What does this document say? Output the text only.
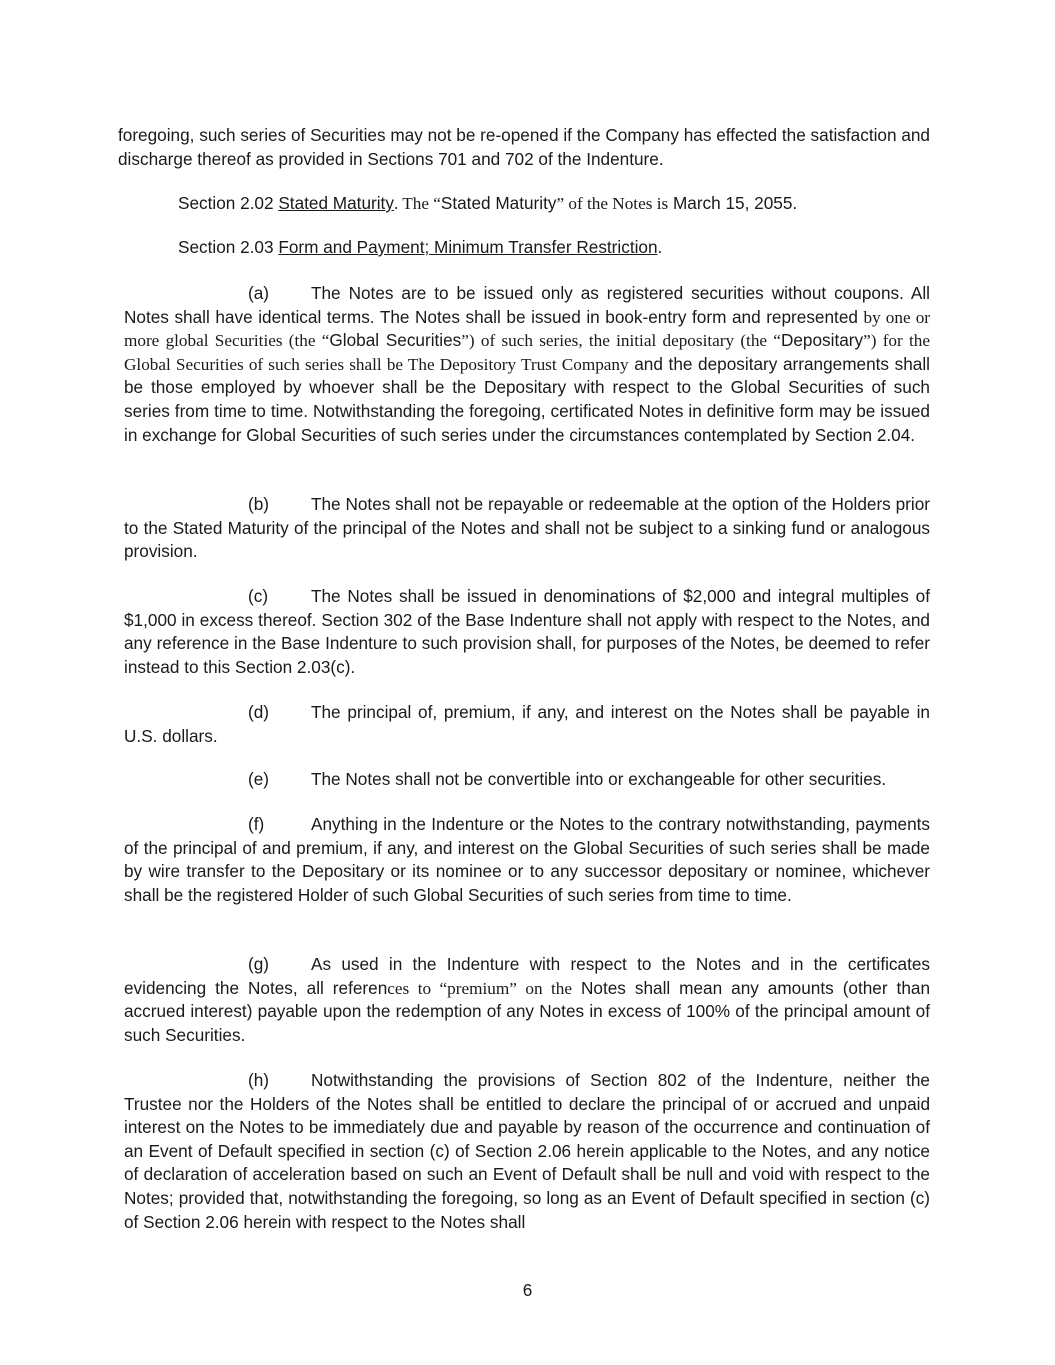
foregoing, such series of Securities may not be re-opened if the Company has effected the satisfaction and discharge thereof as provided in Sections 701 and 702 of the Indenture.

Section 2.02 Stated Maturity. The “Stated Maturity” of the Notes is March 15, 2055.

Section 2.03 Form and Payment; Minimum Transfer Restriction.

(a) The Notes are to be issued only as registered securities without coupons. All Notes shall have identical terms. The Notes shall be issued in book-entry form and represented by one or more global Securities (the “Global Securities”) of such series, the initial depositary (the “Depositary”) for the Global Securities of such series shall be The Depository Trust Company and the depositary arrangements shall be those employed by whoever shall be the Depositary with respect to the Global Securities of such series from time to time. Notwithstanding the foregoing, certificated Notes in definitive form may be issued in exchange for Global Securities of such series under the circumstances contemplated by Section 2.04.

(b) The Notes shall not be repayable or redeemable at the option of the Holders prior to the Stated Maturity of the principal of the Notes and shall not be subject to a sinking fund or analogous provision.

(c) The Notes shall be issued in denominations of $2,000 and integral multiples of $1,000 in excess thereof. Section 302 of the Base Indenture shall not apply with respect to the Notes, and any reference in the Base Indenture to such provision shall, for purposes of the Notes, be deemed to refer instead to this Section 2.03(c).

(d) The principal of, premium, if any, and interest on the Notes shall be payable in U.S. dollars.

(e) The Notes shall not be convertible into or exchangeable for other securities.

(f)	Anything in the Indenture or the Notes to the contrary notwithstanding, payments of the principal of and premium, if any, and interest on the Global Securities of such series shall be made by wire transfer to the Depositary or its nominee or to any successor depositary or nominee, whichever shall be the registered Holder of such Global Securities of such series from time to time.

(g) As used in the Indenture with respect to the Notes and in the certificates evidencing the Notes, all references to “premium” on the Notes shall mean any amounts (other than accrued interest) payable upon the redemption of any Notes in excess of 100% of the principal amount of such Securities.

(h) Notwithstanding the provisions of Section 802 of the Indenture, neither the Trustee nor the Holders of the Notes shall be entitled to declare the principal of or accrued and unpaid interest on the Notes to be immediately due and payable by reason of the occurrence and continuation of an Event of Default specified in section (c) of Section 2.06 herein applicable to the Notes, and any notice of declaration of acceleration based on such an Event of Default shall be null and void with respect to the Notes; provided that, notwithstanding the foregoing, so long as an Event of Default specified in section (c) of Section 2.06 herein with respect to the Notes shall

6
